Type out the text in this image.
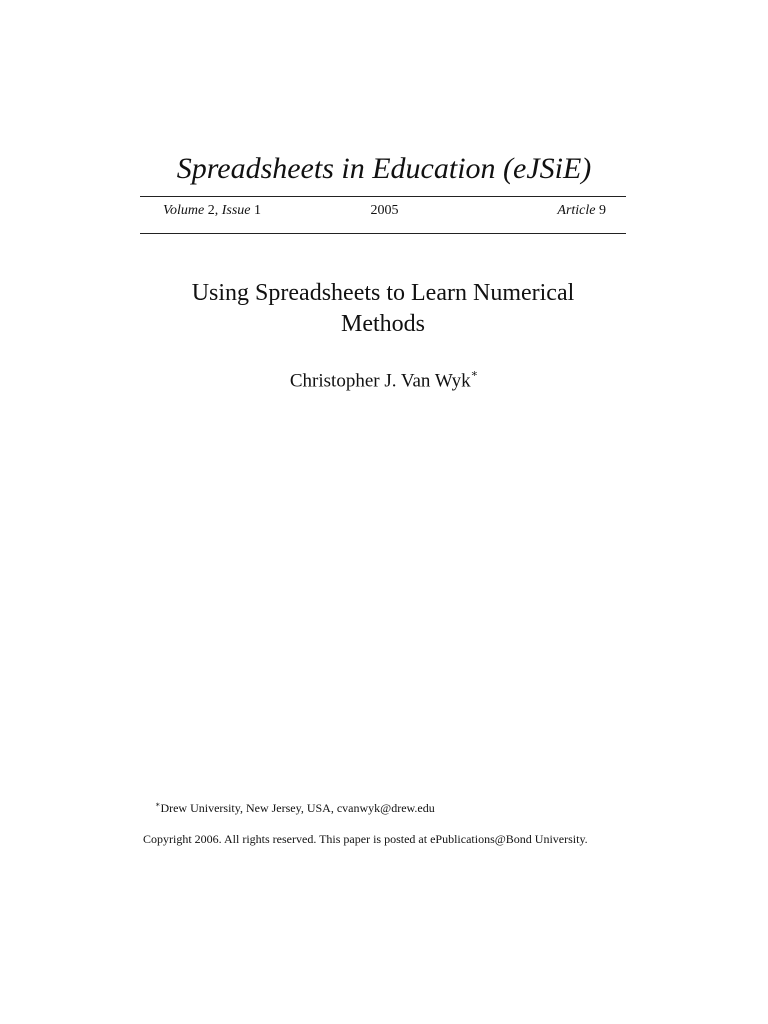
Spreadsheets in Education (eJSiE)
Volume 2, Issue 1	2005	Article 9
Using Spreadsheets to Learn Numerical Methods
Christopher J. Van Wyk∗
∗Drew University, New Jersey, USA, cvanwyk@drew.edu
Copyright 2006. All rights reserved. This paper is posted at ePublications@Bond University.
